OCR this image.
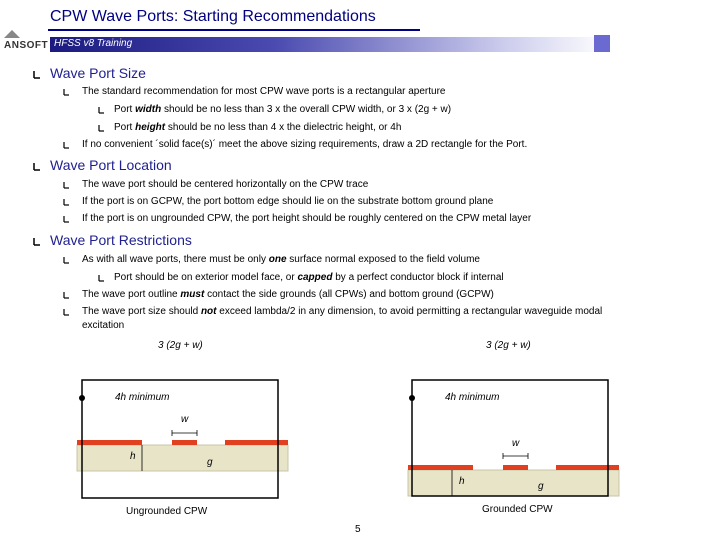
CPW Wave Ports: Starting Recommendations
HFSS v8 Training
ANSOFT
Wave Port Size
The standard recommendation for most CPW wave ports is a rectangular aperture
Port width should be no less than 3 x the overall CPW width, or 3 x (2g + w)
Port height should be no less than 4 x the dielectric height, or 4h
If no convenient ´solid face(s)´ meet the above sizing requirements, draw a 2D rectangle for the Port.
Wave Port Location
The wave port should be centered horizontally on the CPW trace
If the port is on GCPW, the port bottom edge should lie on the substrate bottom ground plane
If the port is on ungrounded CPW, the port height should be roughly centered on the CPW metal layer
Wave Port Restrictions
As with all wave ports, there must be only one surface normal exposed to the field volume
Port should be on exterior model face, or capped by a perfect conductor block if internal
The wave port outline must contact the side grounds (all CPWs) and bottom ground (GCPW)
The wave port size should not exceed lambda/2 in any dimension, to avoid permitting a rectangular waveguide modal
excitation
3 (2g + w)	3 (2g + w)
4h minimum	4h minimum
w
h
g
w
h	g
Ungrounded CPW	Grounded CPW
5
